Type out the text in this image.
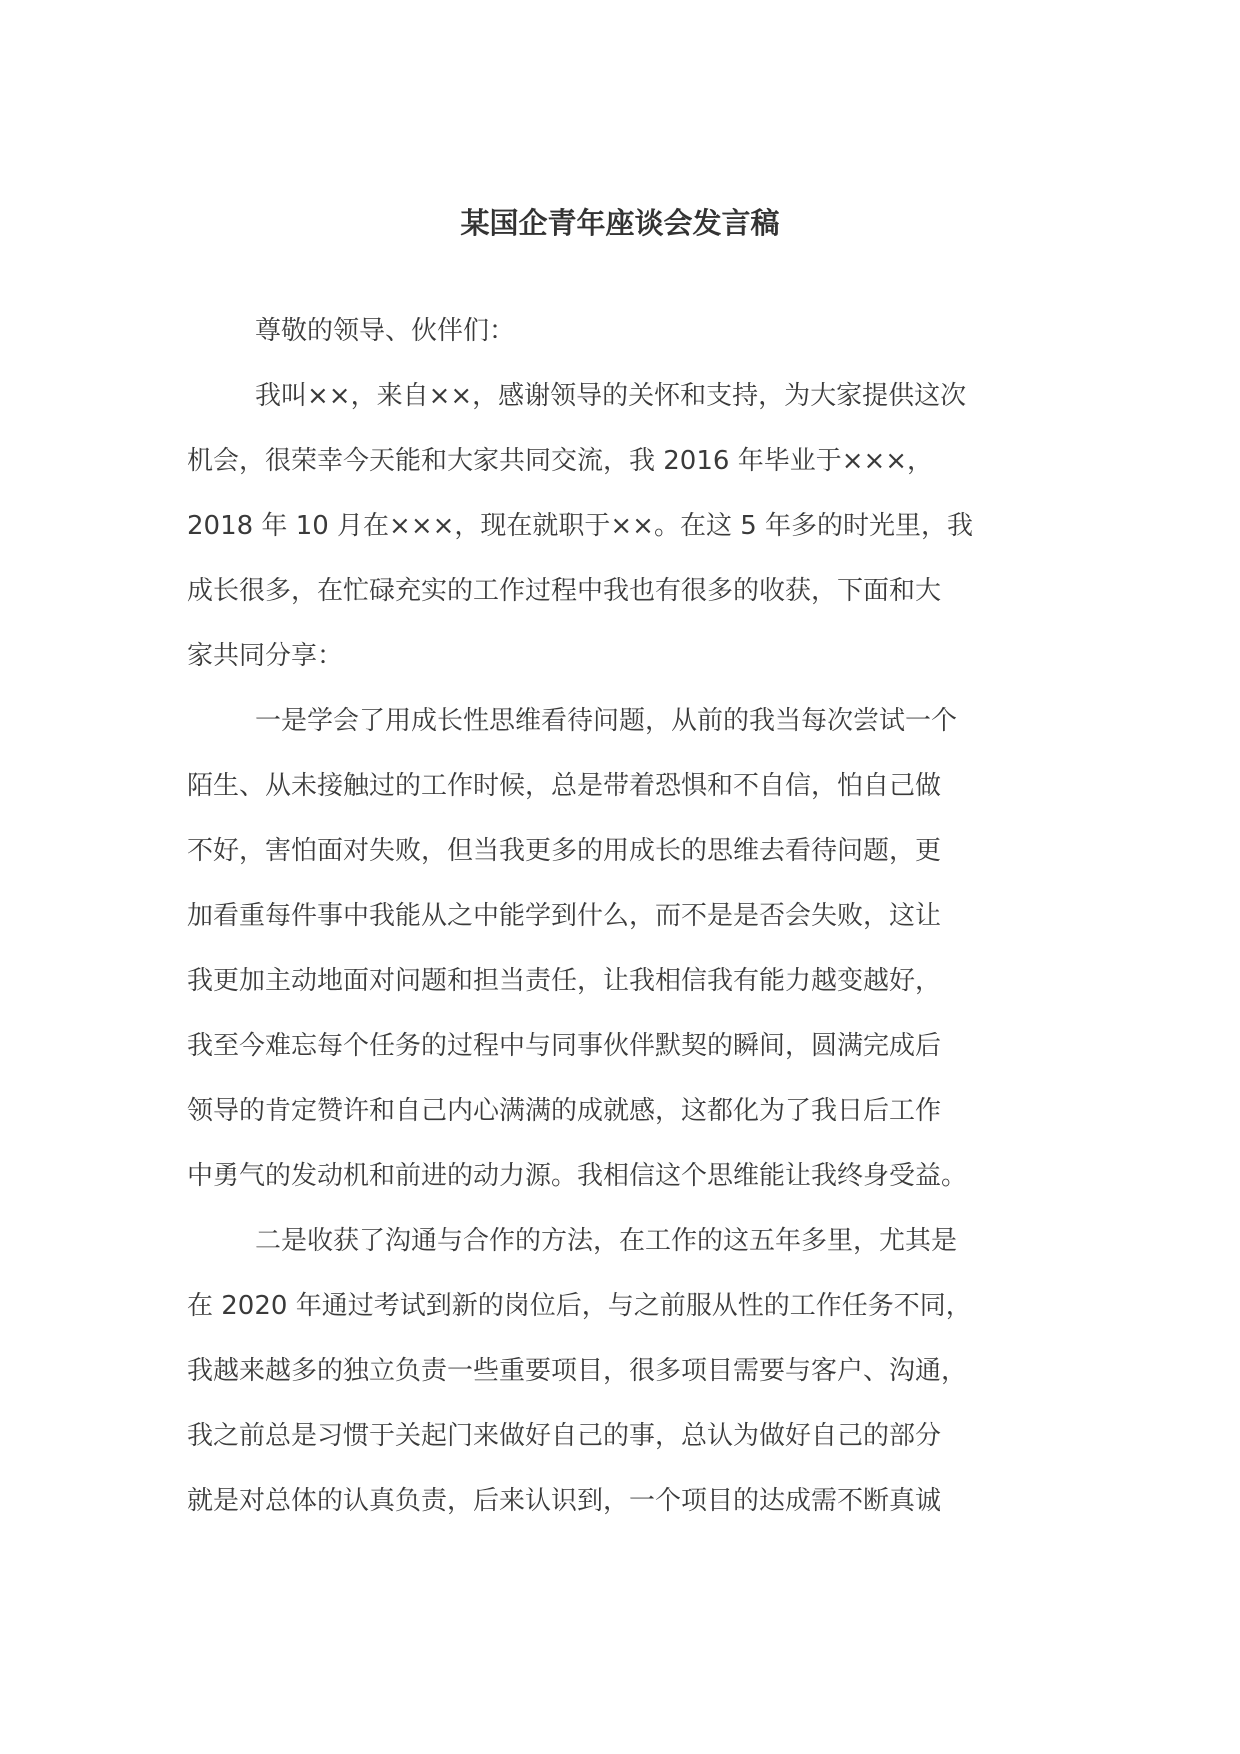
某国企青年座谈会发言稿
尊敬的领导、伙伴们：
我叫××，来自××，感谢领导的关怀和支持，为大家提供这次
机会，很荣幸今天能和大家共同交流，我 2016 年毕业于×××，
2018 年 10 月在×××，现在就职于××。在这 5 年多的时光里，我
成长很多，在忙碌充实的工作过程中我也有很多的收获，下面和大
家共同分享：
一是学会了用成长性思维看待问题，从前的我当每次尝试一个
陌生、从未接触过的工作时候，总是带着恐惧和不自信，怕自己做
不好，害怕面对失败，但当我更多的用成长的思维去看待问题，更
加看重每件事中我能从之中能学到什么，而不是是否会失败，这让
我更加主动地面对问题和担当责任，让我相信我有能力越变越好，
我至今难忘每个任务的过程中与同事伙伴默契的瞬间，圆满完成后
领导的肯定赞许和自己内心满满的成就感，这都化为了我日后工作
中勇气的发动机和前进的动力源。我相信这个思维能让我终身受益。
二是收获了沟通与合作的方法，在工作的这五年多里，尤其是
在 2020 年通过考试到新的岗位后，与之前服从性的工作任务不同，
我越来越多的独立负责一些重要项目，很多项目需要与客户、沟通，
我之前总是习惯于关起门来做好自己的事，总认为做好自己的部分
就是对总体的认真负责，后来认识到，一个项目的达成需不断真诚
